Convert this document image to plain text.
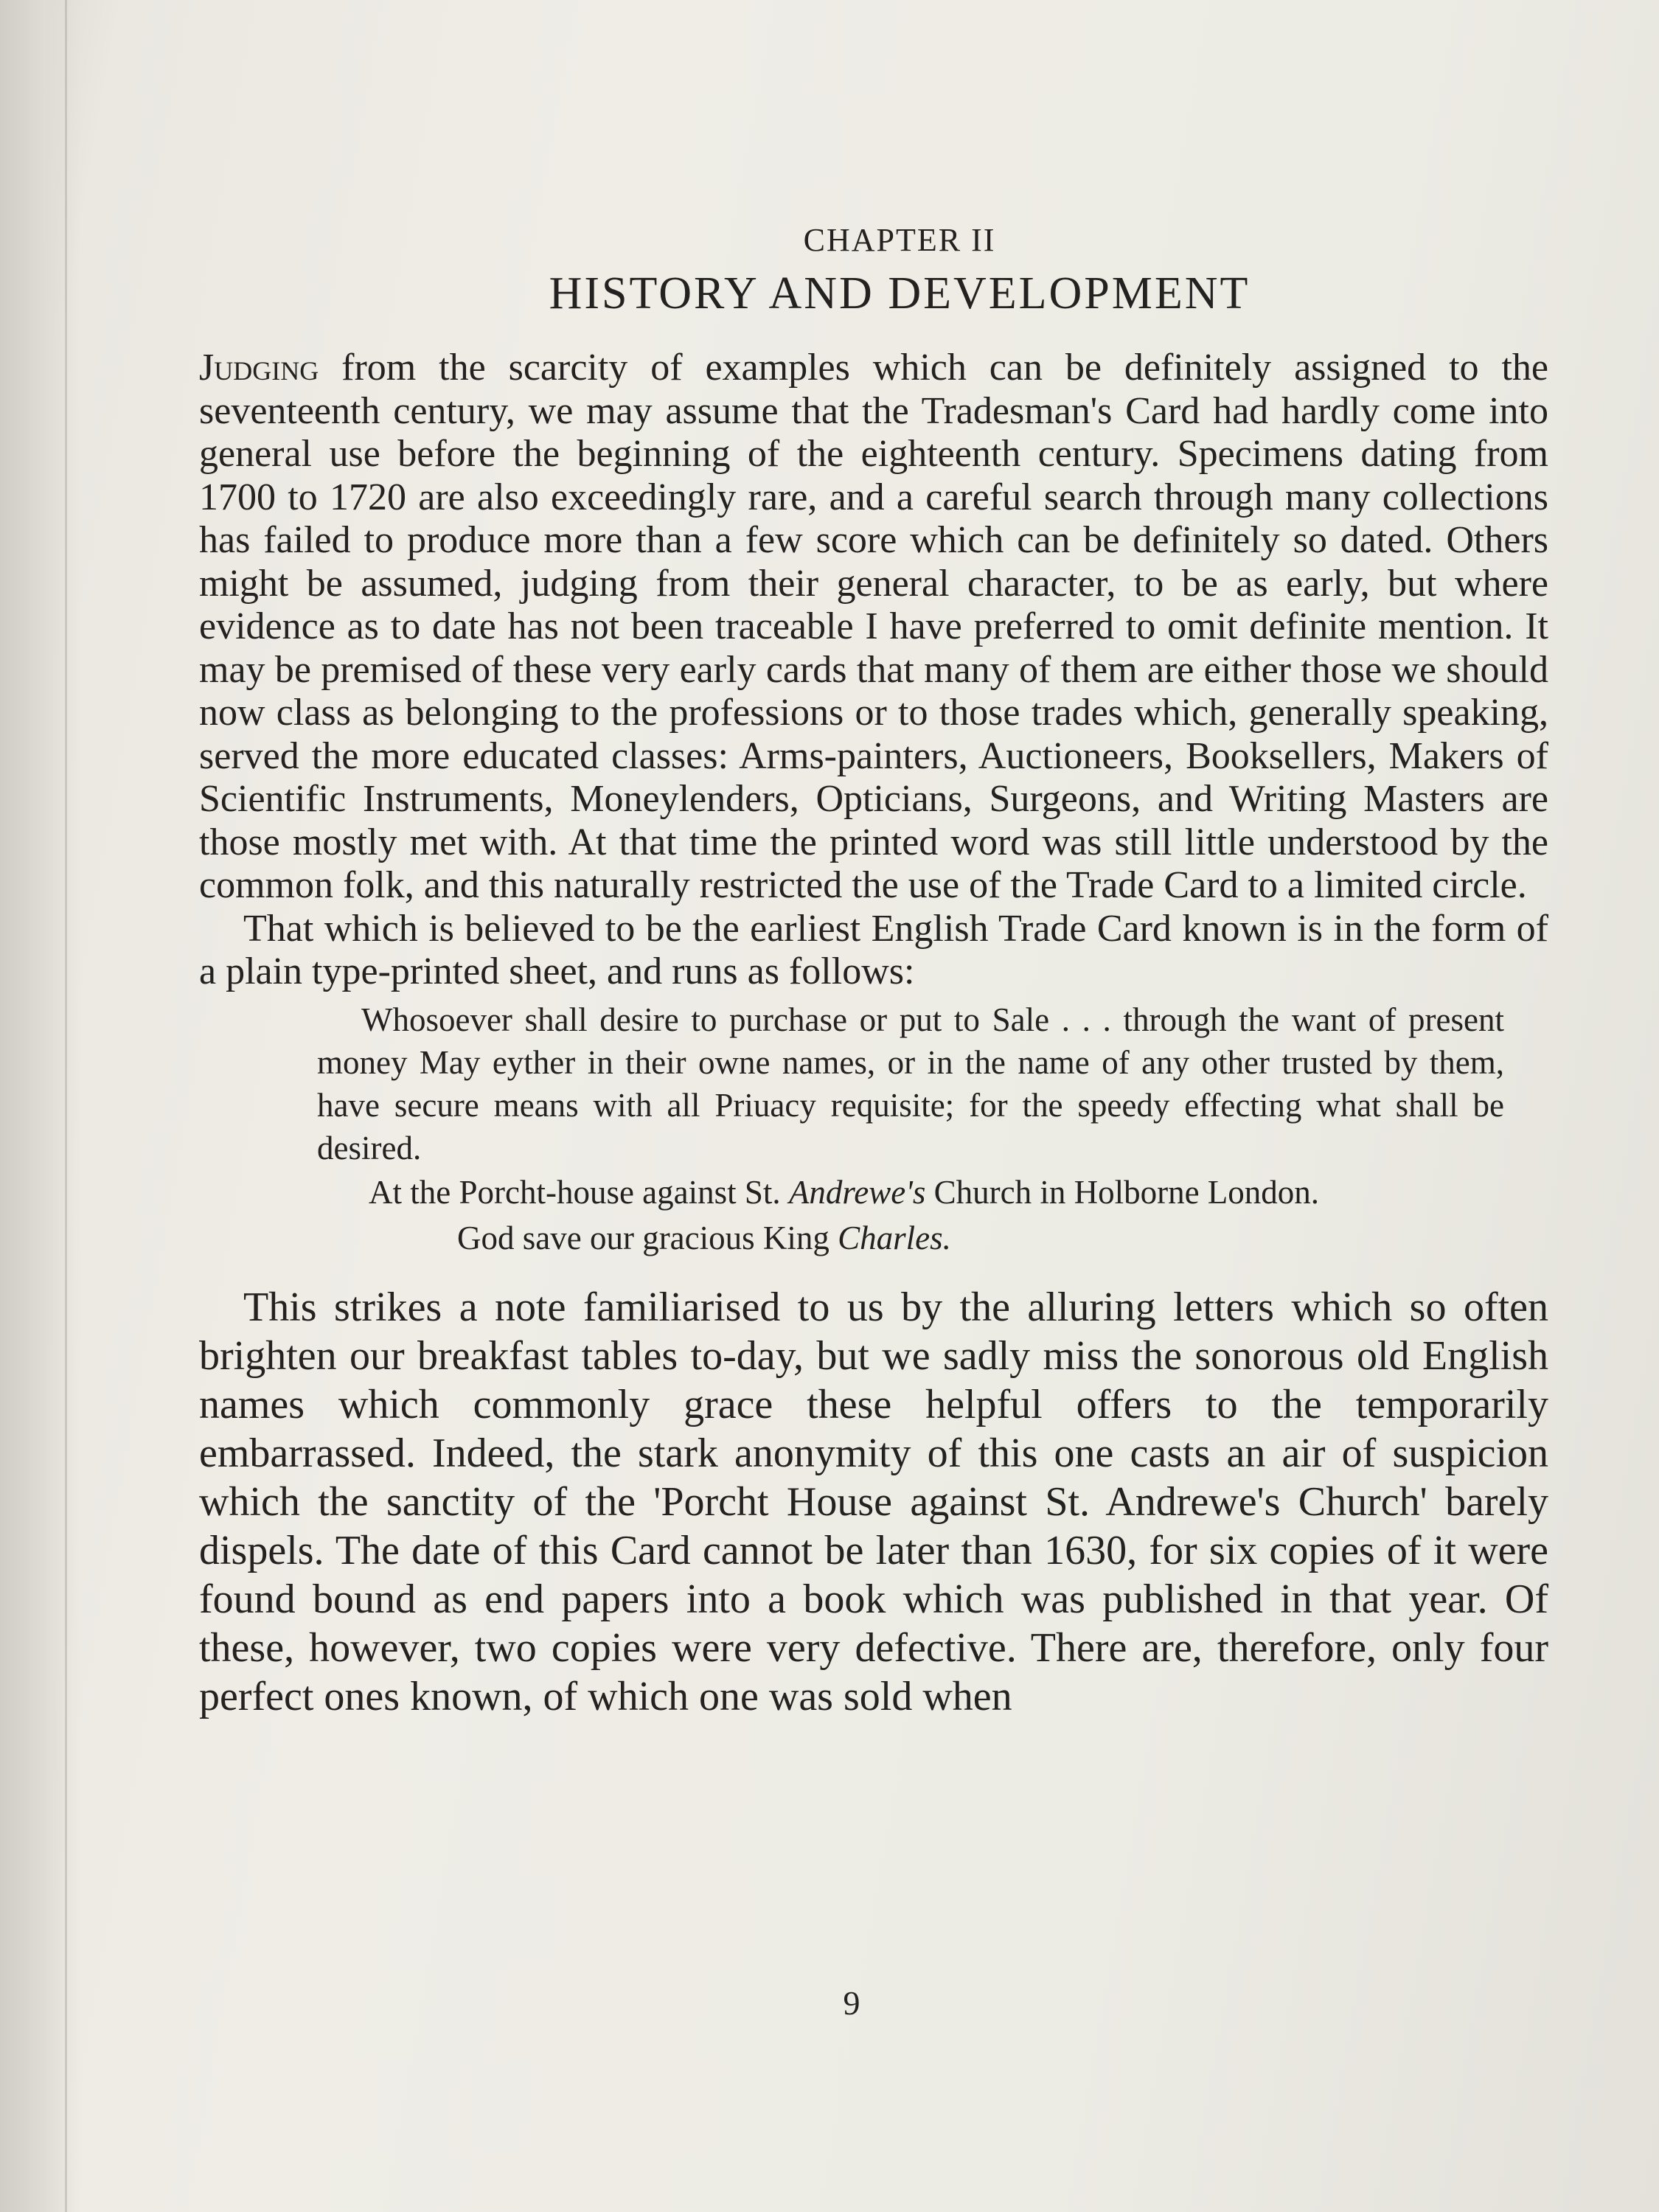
CHAPTER II
HISTORY AND DEVELOPMENT

Judging from the scarcity of examples which can be definitely assigned to the seventeenth century, we may assume that the Tradesman's Card had hardly come into general use before the beginning of the eighteenth century. Specimens dating from 1700 to 1720 are also exceedingly rare, and a careful search through many collections has failed to produce more than a few score which can be definitely so dated. Others might be assumed, judging from their general character, to be as early, but where evidence as to date has not been traceable I have preferred to omit definite mention. It may be premised of these very early cards that many of them are either those we should now class as belonging to the professions or to those trades which, generally speaking, served the more educated classes: Arms-painters, Auctioneers, Booksellers, Makers of Scientific Instruments, Moneylenders, Opticians, Surgeons, and Writing Masters are those mostly met with. At that time the printed word was still little understood by the common folk, and this naturally restricted the use of the Trade Card to a limited circle.

That which is believed to be the earliest English Trade Card known is in the form of a plain type-printed sheet, and runs as follows:

Whosoever shall desire to purchase or put to Sale . . . through the want of present money May eyther in their owne names, or in the name of any other trusted by them, have secure means with all Priuacy requisite; for the speedy effecting what shall be desired.

At the Porcht-house against St. Andrewe's Church in Holborne London.

God save our gracious King Charles.

This strikes a note familiarised to us by the alluring letters which so often brighten our breakfast tables to-day, but we sadly miss the sonorous old English names which commonly grace these helpful offers to the temporarily embarrassed. Indeed, the stark anonymity of this one casts an air of suspicion which the sanctity of the 'Porcht House against St. Andrewe's Church' barely dispels. The date of this Card cannot be later than 1630, for six copies of it were found bound as end papers into a book which was published in that year. Of these, however, two copies were very defective. There are, therefore, only four perfect ones known, of which one was sold when

9
